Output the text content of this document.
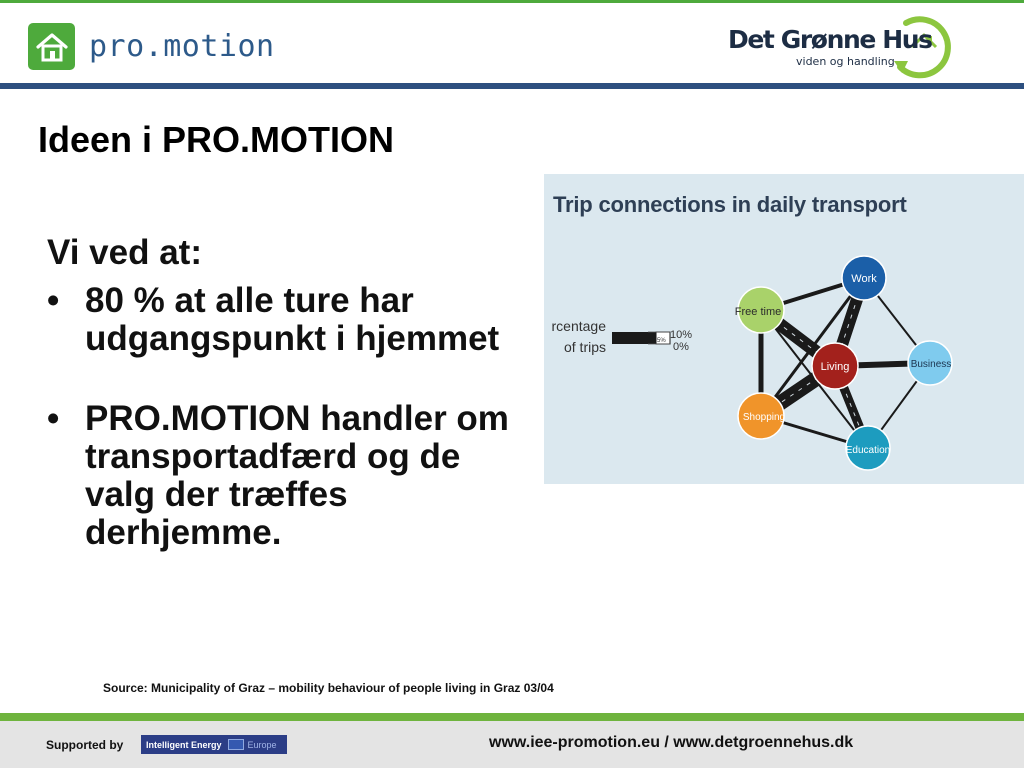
pro.motion	Det Grønne Hus
viden og handling
Ideen i PRO.MOTION
Vi ved at:
• 80 % at alle ture har udgangspunkt i hjemmet
• PRO.MOTION handler om transportadfærd og de valg der træffes derhjemme.
Work
Free time
Living	Business
Shopping
Education
rcentage
of trips
10%
5% 0%
Trip connections in daily transport
Source: Municipality of Graz – mobility behaviour of people living in Graz 03/04
Supported by	Intelligent Energy	Europe	www.iee-promotion.eu / www.detgroennehus.dk
